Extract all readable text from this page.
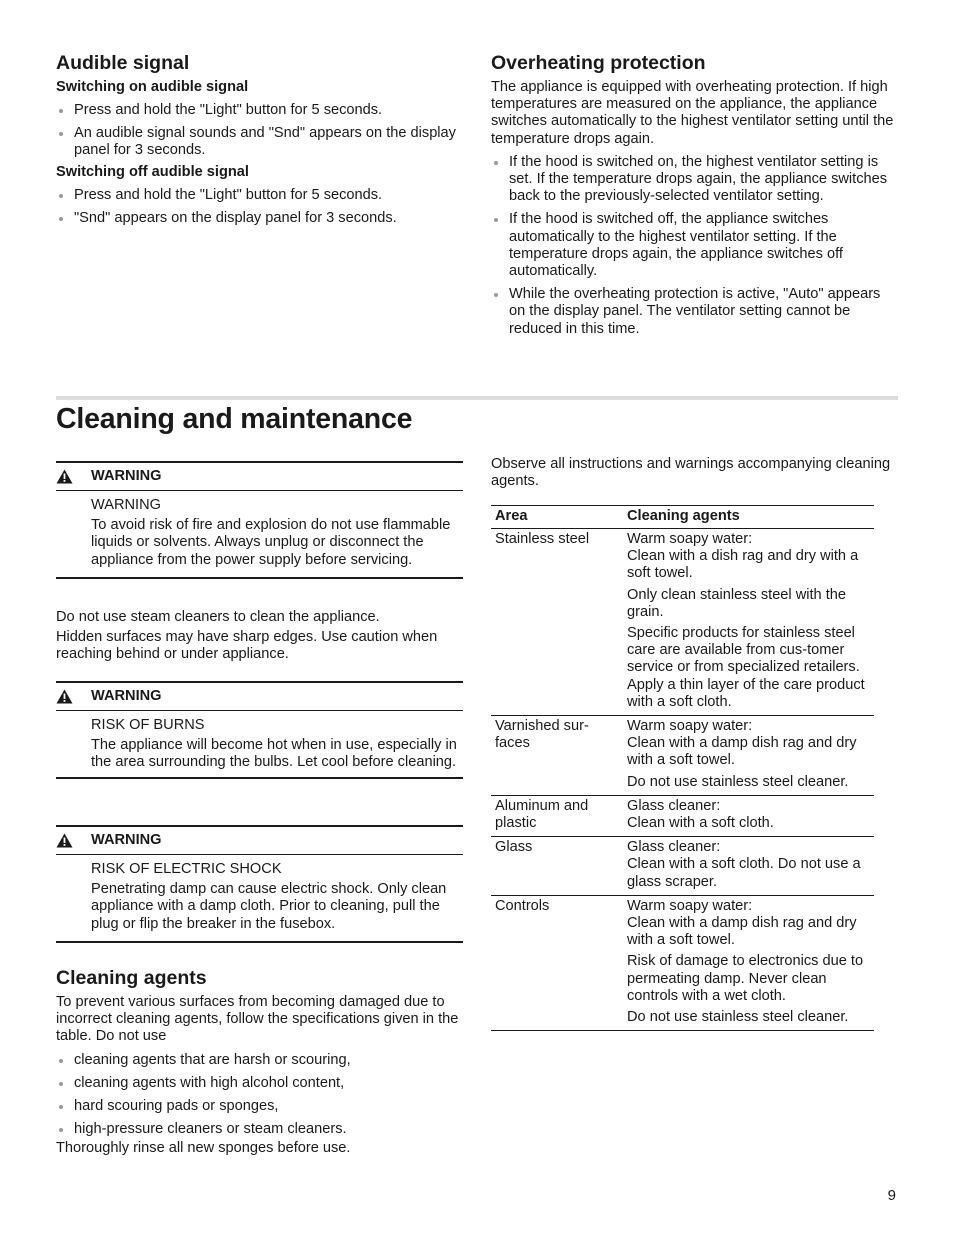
Audible signal
Switching on audible signal
Press and hold the "Light" button for 5 seconds.
An audible signal sounds and "Snd" appears on the display panel for 3 seconds.
Switching off audible signal
Press and hold the "Light" button for 5 seconds.
"Snd" appears on the display panel for 3 seconds.
Overheating protection

The appliance is equipped with overheating protection. If high temperatures are measured on the appliance, the appliance switches automatically to the highest ventilator setting until the temperature drops again.

If the hood is switched on, the highest ventilator setting is set. If the temperature drops again, the appliance switches back to the previously-selected ventilator setting.
If the hood is switched off, the appliance switches automatically to the highest ventilator setting. If the temperature drops again, the appliance switches off automatically.
While the overheating protection is active, "Auto" appears on the display panel. The ventilator setting cannot be reduced in this time.
Cleaning and maintenance
WARNING

WARNING

To avoid risk of fire and explosion do not use flammable liquids or solvents. Always unplug or disconnect the appliance from the power supply before servicing.

Do not use steam cleaners to clean the appliance.

Hidden surfaces may have sharp edges. Use caution when reaching behind or under appliance.

WARNING

RISK OF BURNS

The appliance will become hot when in use, especially in the area surrounding the bulbs. Let cool before cleaning.

WARNING

RISK OF ELECTRIC SHOCK

Penetrating damp can cause electric shock. Only clean appliance with a damp cloth. Prior to cleaning, pull the plug or flip the breaker in the fusebox.

Cleaning agents

To prevent various surfaces from becoming damaged due to incorrect cleaning agents, follow the specifications given in the table. Do not use

cleaning agents that are harsh or scouring,
cleaning agents with high alcohol content,
hard scouring pads or sponges,
high-pressure cleaners or steam cleaners.

Thoroughly rinse all new sponges before use.

Observe all instructions and warnings accompanying cleaning agents.

Area	Cleaning agents
Stainless steel	Warm soapy water:
Clean with a dish rag and dry with a soft towel.

Only clean stainless steel with the grain.

Specific products for stainless steel care are available from cus-tomer service or from specialized retailers. Apply a thin layer of the care product with a soft cloth.

Varnished sur-faces	Warm soapy water:
Clean with a damp dish rag and dry with a soft towel.

Do not use stainless steel cleaner.

Aluminum and plastic	Glass cleaner:
Clean with a soft cloth.

Glass	Glass cleaner:
Clean with a soft cloth. Do not use a glass scraper.

Controls	Warm soapy water:
Clean with a damp dish rag and dry with a soft towel.

Risk of damage to electronics due to permeating damp. Never clean controls with a wet cloth.

Do not use stainless steel cleaner.

9
